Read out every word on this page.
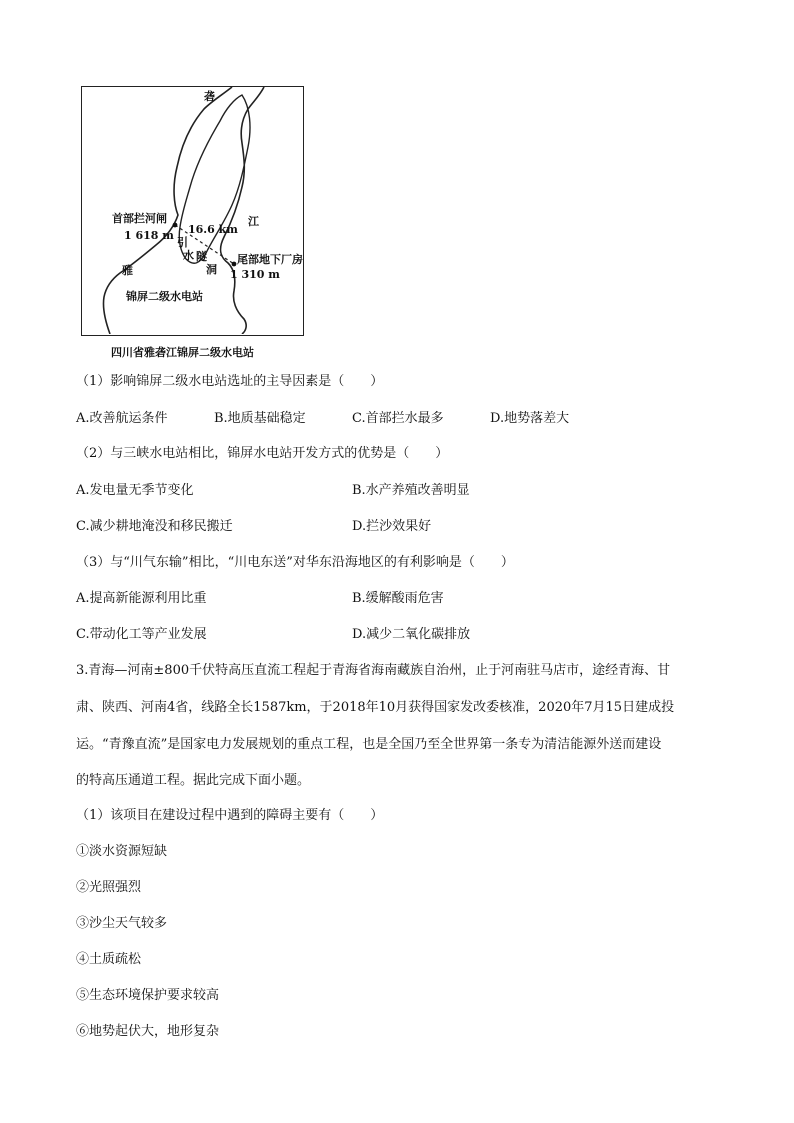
砻
江
雅
首部拦河闸
1 618 m 16.6 km
引
水 隧
洞
尾部地下厂房
1 310 m
锦屏二级水电站
四川省雅砻江锦屏二级水电站
（1）影响锦屏二级水电站选址的主导因素是（　　）
A.改善航运条件	B.地质基础稳定	C.首部拦水最多	D.地势落差大
（2）与三峡水电站相比，锦屏水电站开发方式的优势是（　　）
A.发电量无季节变化	B.水产养殖改善明显
C.减少耕地淹没和移民搬迁	D.拦沙效果好
（3）与“川气东输”相比，“川电东送”对华东沿海地区的有利影响是（　　）
A.提高新能源利用比重	B.缓解酸雨危害
C.带动化工等产业发展	D.减少二氧化碳排放
3.青海—河南±800千伏特高压直流工程起于青海省海南藏族自治州，止于河南驻马店市，途经青海、甘
肃、陕西、河南4省，线路全长1587km，于2018年10月获得国家发改委核准，2020年7月15日建成投
运。“青豫直流”是国家电力发展规划的重点工程，也是全国乃至全世界第一条专为清洁能源外送而建设
的特高压通道工程。据此完成下面小题。
（1）该项目在建设过程中遇到的障碍主要有（　　）
①淡水资源短缺
②光照强烈
③沙尘天气较多
④土质疏松
⑤生态环境保护要求较高
⑥地势起伏大，地形复杂
